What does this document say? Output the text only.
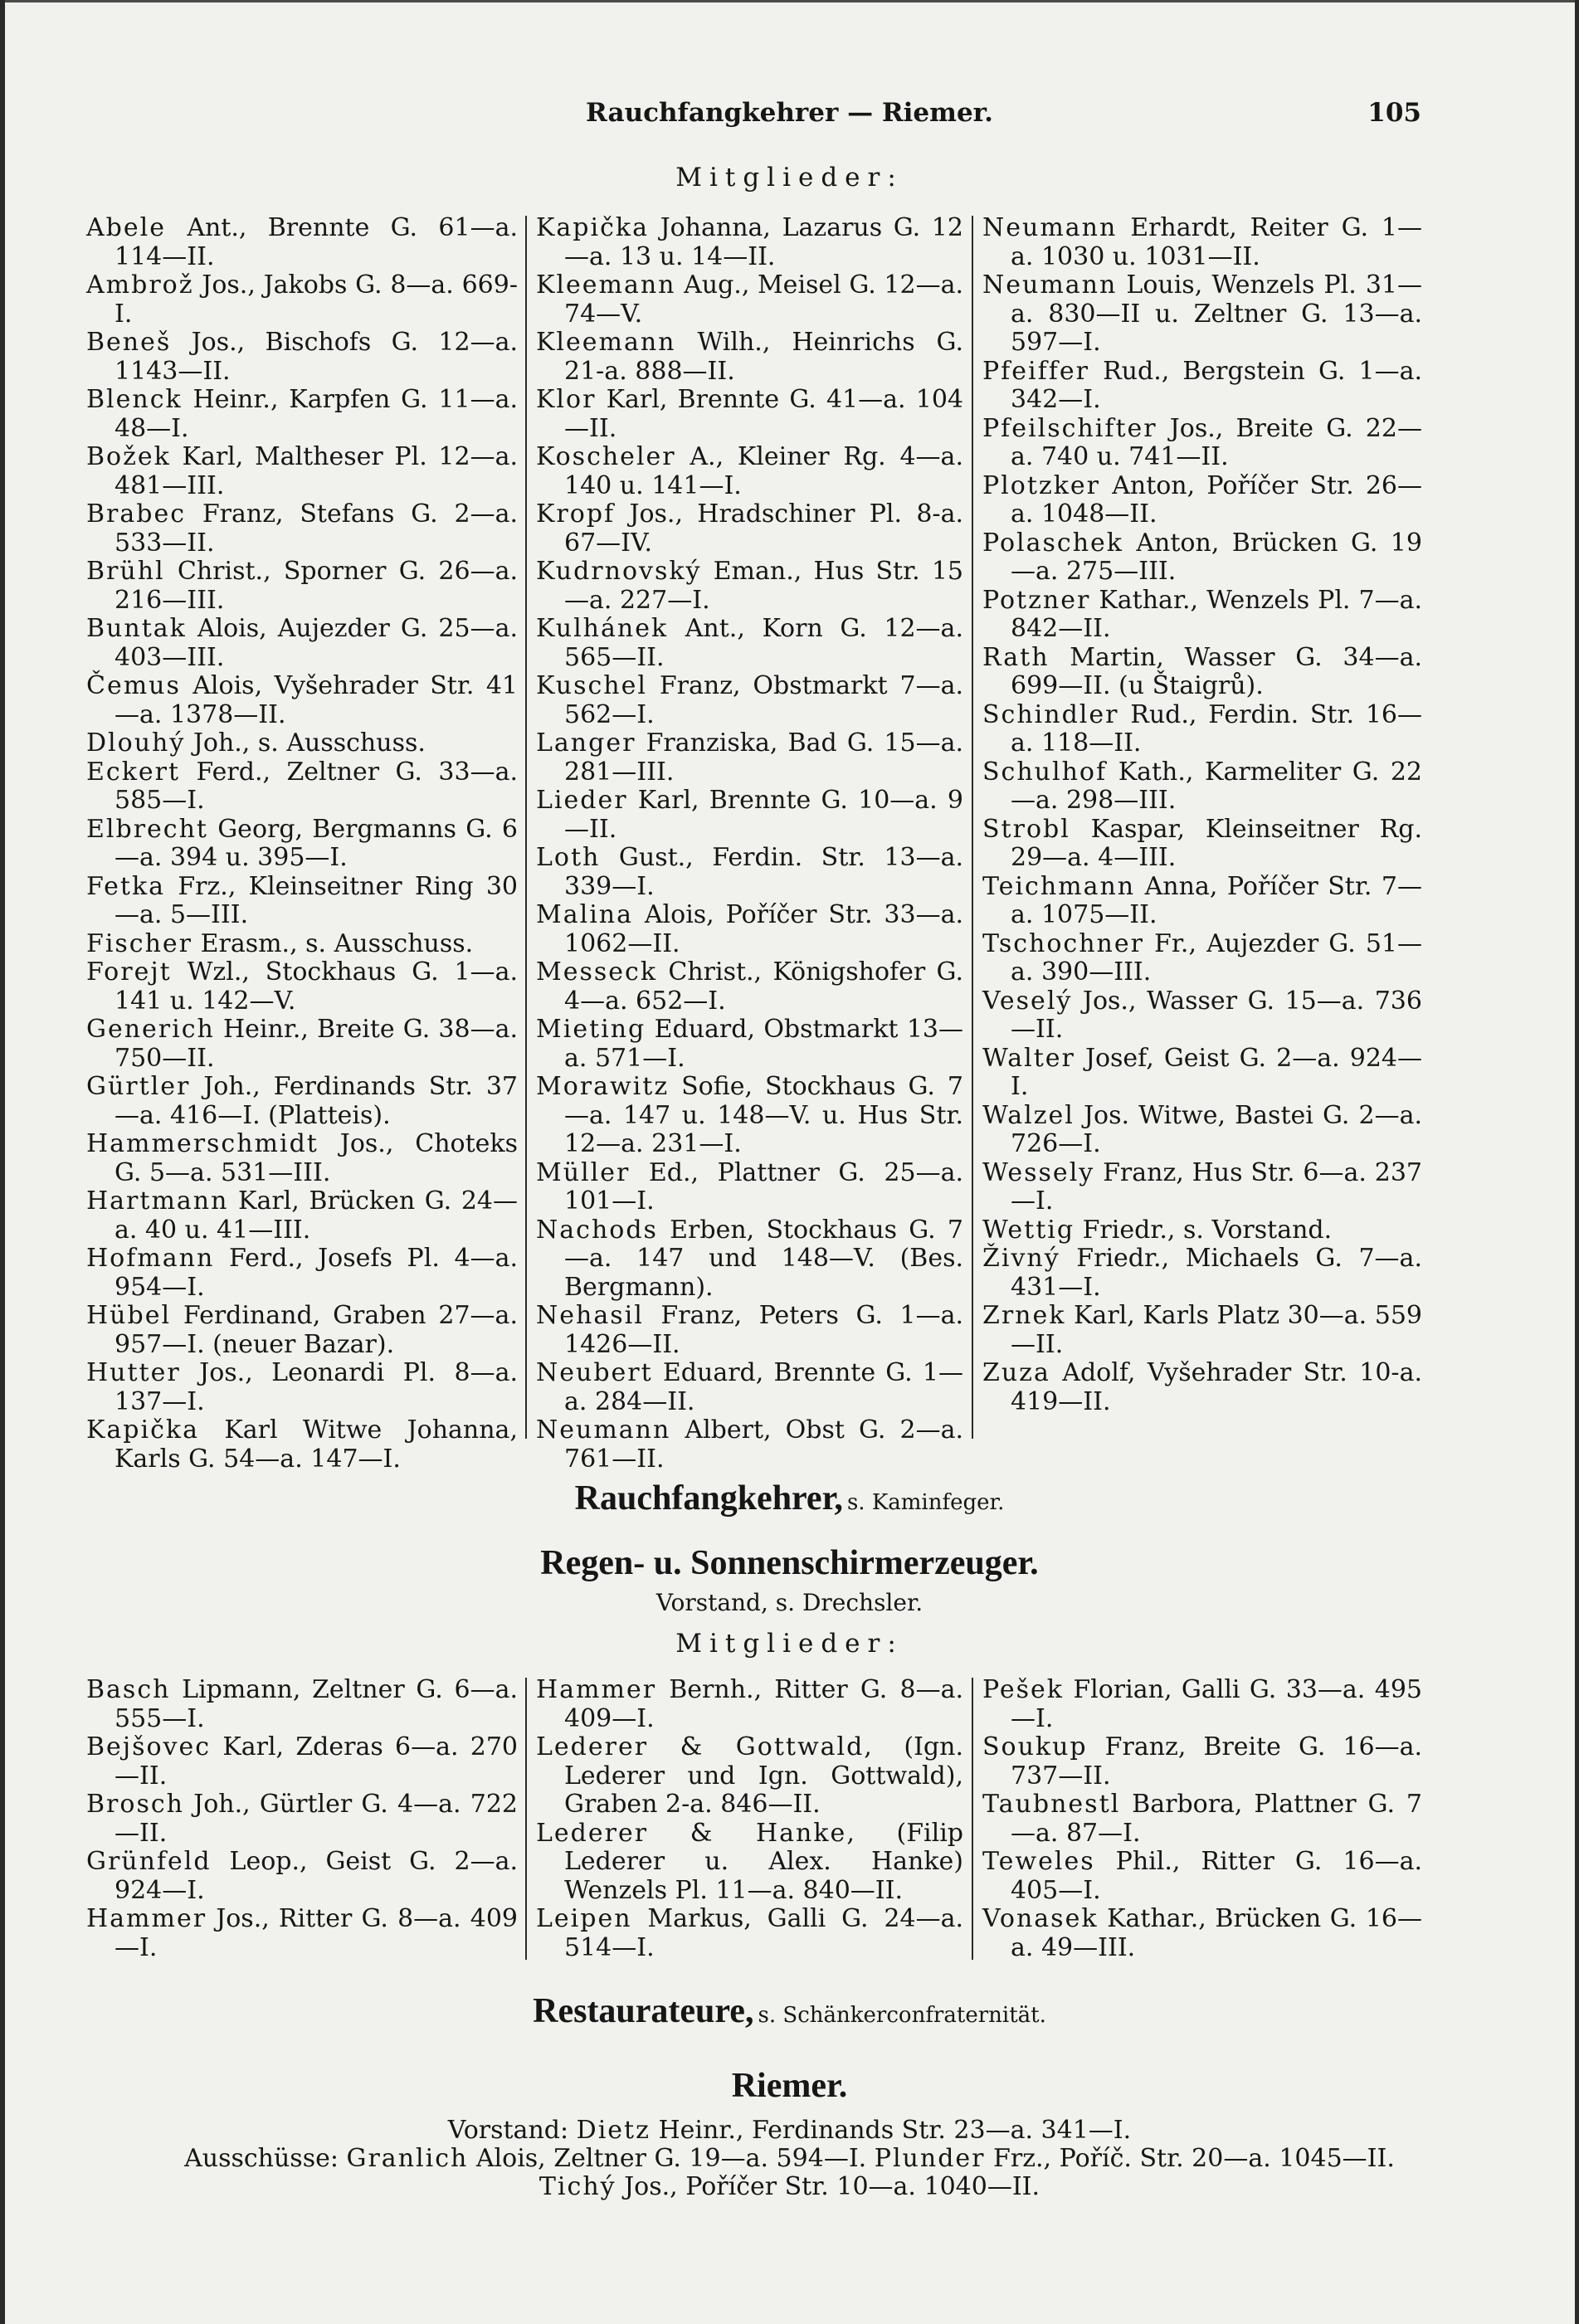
Rauchfangkehrer — Riemer.	105
Mitglieder:
Abele Ant., Brennte G. 61—a. 114—II.
Ambrož Jos., Jakobs G. 8—a. 669-I.
Beneš Jos., Bischofs G. 12—a. 1143—II.
Blenck Heinr., Karpfen G. 11—a. 48—I.
Božek Karl, Maltheser Pl. 12—a. 481—III.
Brabec Franz, Stefans G. 2—a. 533—II.
Brühl Christ., Sporner G. 26—a. 216—III.
Buntak Alois, Aujezder G. 25—a. 403—III.
Čemus Alois, Vyšehrader Str. 41—a. 1378—II.
Dlouhý Joh., s. Ausschuss.
Eckert Ferd., Zeltner G. 33—a. 585—I.
Elbrecht Georg, Bergmanns G. 6—a. 394 u. 395—I.
Fetka Frz., Kleinseitner Ring 30—a. 5—III.
Fischer Erasm., s. Ausschuss.
Forejt Wzl., Stockhaus G. 1—a. 141 u. 142—V.
Generich Heinr., Breite G. 38—a. 750—II.
Gürtler Joh., Ferdinands Str. 37—a. 416—I. (Platteis).
Hammerschmidt Jos., Choteks G. 5—a. 531—III.
Hartmann Karl, Brücken G. 24—a. 40 u. 41—III.
Hofmann Ferd., Josefs Pl. 4—a. 954—I.
Hübel Ferdinand, Graben 27—a. 957—I. (neuer Bazar).
Hutter Jos., Leonardi Pl. 8—a. 137—I.
Kapička Karl Witwe Johanna, Karls G. 54—a. 147—I.
Kapička Johanna, Lazarus G. 12—a. 13 u. 14—II.
Kleemann Aug., Meisel G. 12—a. 74—V.
Kleemann Wilh., Heinrichs G. 21-a. 888—II.
Klor Karl, Brennte G. 41—a. 104—II.
Koscheler A., Kleiner Rg. 4—a. 140 u. 141—I.
Kropf Jos., Hradschiner Pl. 8-a. 67—IV.
Kudrnovský Eman., Hus Str. 15—a. 227—I.
Kulhánek Ant., Korn G. 12—a. 565—II.
Kuschel Franz, Obstmarkt 7—a. 562—I.
Langer Franziska, Bad G. 15—a. 281—III.
Lieder Karl, Brennte G. 10—a. 9—II.
Loth Gust., Ferdin. Str. 13—a. 339—I.
Malina Alois, Poříčer Str. 33—a. 1062—II.
Messeck Christ., Königshofer G. 4—a. 652—I.
Mieting Eduard, Obstmarkt 13—a. 571—I.
Morawitz Sofie, Stockhaus G. 7—a. 147 u. 148—V. u. Hus Str. 12—a. 231—I.
Müller Ed., Plattner G. 25—a. 101—I.
Nachods Erben, Stockhaus G. 7—a. 147 und 148—V. (Bes. Bergmann).
Nehasil Franz, Peters G. 1—a. 1426—II.
Neubert Eduard, Brennte G. 1—a. 284—II.
Neumann Albert, Obst G. 2—a. 761—II.
Neumann Erhardt, Reiter G. 1—a. 1030 u. 1031—II.
Neumann Louis, Wenzels Pl. 31—a. 830—II u. Zeltner G. 13—a. 597—I.
Pfeiffer Rud., Bergstein G. 1—a. 342—I.
Pfeilschifter Jos., Breite G. 22—a. 740 u. 741—II.
Plotzker Anton, Poříčer Str. 26—a. 1048—II.
Polaschek Anton, Brücken G. 19—a. 275—III.
Potzner Kathar., Wenzels Pl. 7—a. 842—II.
Rath Martin, Wasser G. 34—a. 699—II. (u Štaigrů).
Schindler Rud., Ferdin. Str. 16—a. 118—II.
Schulhof Kath., Karmeliter G. 22—a. 298—III.
Strobl Kaspar, Kleinseitner Rg. 29—a. 4—III.
Teichmann Anna, Poříčer Str. 7—a. 1075—II.
Tschochner Fr., Aujezder G. 51—a. 390—III.
Veselý Jos., Wasser G. 15—a. 736—II.
Walter Josef, Geist G. 2—a. 924—I.
Walzel Jos. Witwe, Bastei G. 2—a. 726—I.
Wessely Franz, Hus Str. 6—a. 237—I.
Wettig Friedr., s. Vorstand.
Živný Friedr., Michaels G. 7—a. 431—I.
Zrnek Karl, Karls Platz 30—a. 559—II.
Zuza Adolf, Vyšehrader Str. 10-a. 419—II.
Rauchfangkehrer, s. Kaminfeger.
Regen- u. Sonnenschirmerzeuger.
Vorstand, s. Drechsler.
Mitglieder:
Basch Lipmann, Zeltner G. 6—a. 555—I.
Bejšovec Karl, Zderas 6—a. 270—II.
Brosch Joh., Gürtler G. 4—a. 722—II.
Grünfeld Leop., Geist G. 2—a. 924—I.
Hammer Jos., Ritter G. 8—a. 409—I.
Hammer Bernh., Ritter G. 8—a. 409—I.
Lederer & Gottwald, (Ign. Lederer und Ign. Gottwald), Graben 2-a. 846—II.
Lederer & Hanke, (Filip Lederer u. Alex. Hanke) Wenzels Pl. 11—a. 840—II.
Leipen Markus, Galli G. 24—a. 514—I.
Pešek Florian, Galli G. 33—a. 495—I.
Soukup Franz, Breite G. 16—a. 737—II.
Taubnestl Barbora, Plattner G. 7—a. 87—I.
Teweles Phil., Ritter G. 16—a. 405—I.
Vonasek Kathar., Brücken G. 16—a. 49—III.
Restaurateure, s. Schänkerconfraternität.
Riemer.
Vorstand: Dietz Heinr., Ferdinands Str. 23—a. 341—I.
Ausschüsse: Granlich Alois, Zeltner G. 19—a. 594—I. Plunder Frz., Poříč. Str. 20—a. 1045—II.
Tichý Jos., Poříčer Str. 10—a. 1040—II.
